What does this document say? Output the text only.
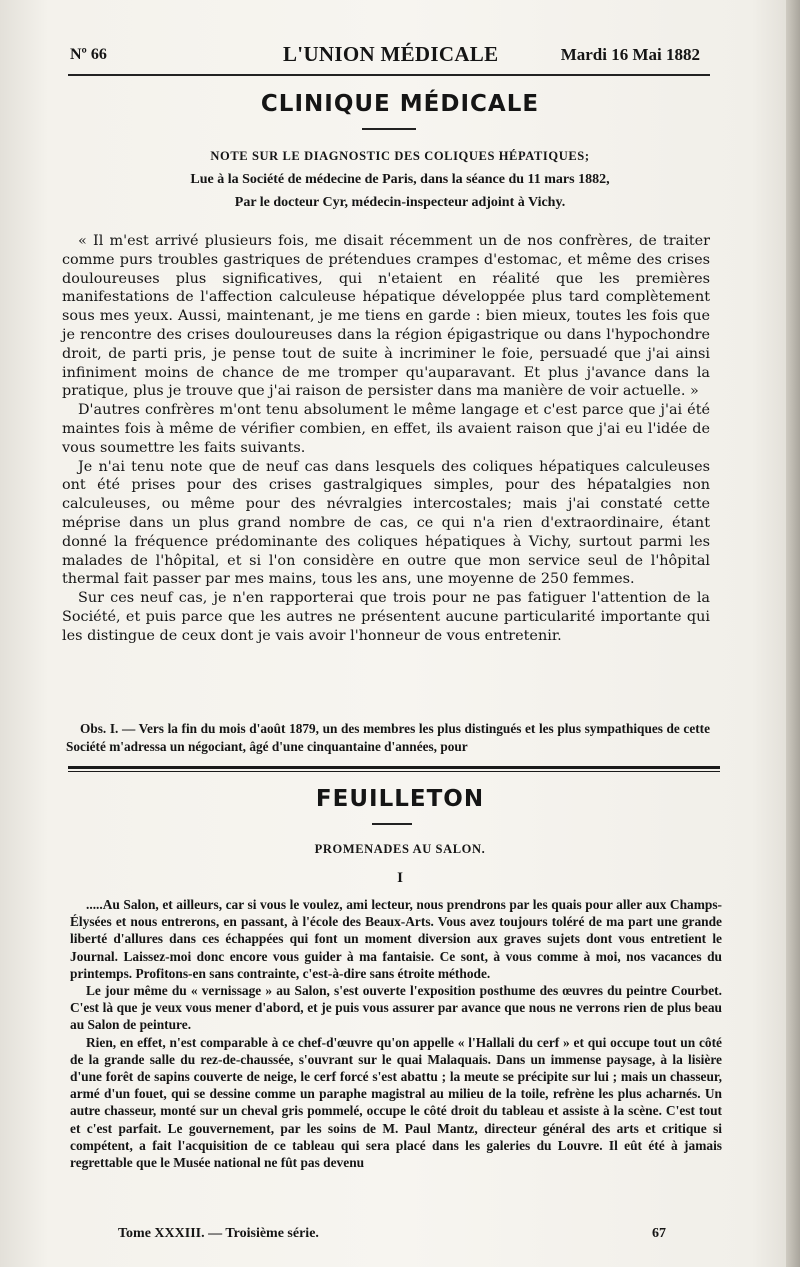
Nº 66	L'UNION MÉDICALE	Mardi 16 Mai 1882
CLINIQUE MÉDICALE
NOTE SUR LE DIAGNOSTIC DES COLIQUES HÉPATIQUES;
Lue à la Société de médecine de Paris, dans la séance du 11 mars 1882,
Par le docteur Cyr, médecin-inspecteur adjoint à Vichy.

« Il m'est arrivé plusieurs fois, me disait récemment un de nos confrères, de traiter comme purs troubles gastriques de prétendues crampes d'estomac, et même des crises douloureuses plus significatives, qui n'etaient en réalité que les premières manifestations de l'affection calculeuse hépatique développée plus tard complètement sous mes yeux. Aussi, maintenant, je me tiens en garde : bien mieux, toutes les fois que je rencontre des crises douloureuses dans la région épigastrique ou dans l'hypochondre droit, de parti pris, je pense tout de suite à incriminer le foie, persuadé que j'ai ainsi infiniment moins de chance de me tromper qu'auparavant. Et plus j'avance dans la pratique, plus je trouve que j'ai raison de persister dans ma manière de voir actuelle. »

D'autres confrères m'ont tenu absolument le même langage et c'est parce que j'ai été maintes fois à même de vérifier combien, en effet, ils avaient raison que j'ai eu l'idée de vous soumettre les faits suivants.

Je n'ai tenu note que de neuf cas dans lesquels des coliques hépatiques calculeuses ont été prises pour des crises gastralgiques simples, pour des hépatalgies non calculeuses, ou même pour des névralgies intercostales; mais j'ai constaté cette méprise dans un plus grand nombre de cas, ce qui n'a rien d'extraordinaire, étant donné la fréquence prédominante des coliques hépatiques à Vichy, surtout parmi les malades de l'hôpital, et si l'on considère en outre que mon service seul de l'hôpital thermal fait passer par mes mains, tous les ans, une moyenne de 250 femmes.

Sur ces neuf cas, je n'en rapporterai que trois pour ne pas fatiguer l'attention de la Société, et puis parce que les autres ne présentent aucune particularité importante qui les distingue de ceux dont je vais avoir l'honneur de vous entretenir.

Obs. I. — Vers la fin du mois d'août 1879, un des membres les plus distingués et les plus sympathiques de cette Société m'adressa un négociant, âgé d'une cinquantaine d'années, pour
FEUILLETON
PROMENADES AU SALON.
I

.....Au Salon, et ailleurs, car si vous le voulez, ami lecteur, nous prendrons par les quais pour aller aux Champs-Élysées et nous entrerons, en passant, à l'école des Beaux-Arts. Vous avez toujours toléré de ma part une grande liberté d'allures dans ces échappées qui font un moment diversion aux graves sujets dont vous entretient le Journal. Laissez-moi donc encore vous guider à ma fantaisie. Ce sont, à vous comme à moi, nos vacances du printemps. Profitons-en sans contrainte, c'est-à-dire sans étroite méthode.

Le jour même du « vernissage » au Salon, s'est ouverte l'exposition posthume des œuvres du peintre Courbet. C'est là que je veux vous mener d'abord, et je puis vous assurer par avance que nous ne verrons rien de plus beau au Salon de peinture.

Rien, en effet, n'est comparable à ce chef-d'œuvre qu'on appelle « l'Hallali du cerf » et qui occupe tout un côté de la grande salle du rez-de-chaussée, s'ouvrant sur le quai Malaquais. Dans un immense paysage, à la lisière d'une forêt de sapins couverte de neige, le cerf forcé s'est abattu ; la meute se précipite sur lui ; mais un chasseur, armé d'un fouet, qui se dessine comme un paraphe magistral au milieu de la toile, refrène les plus acharnés. Un autre chasseur, monté sur un cheval gris pommelé, occupe le côté droit du tableau et assiste à la scène. C'est tout et c'est parfait. Le gouvernement, par les soins de M. Paul Mantz, directeur général des arts et critique si compétent, a fait l'acquisition de ce tableau qui sera placé dans les galeries du Louvre. Il eût été à jamais regrettable que le Musée national ne fût pas devenu

Tome XXXIII. — Troisième série.	67
